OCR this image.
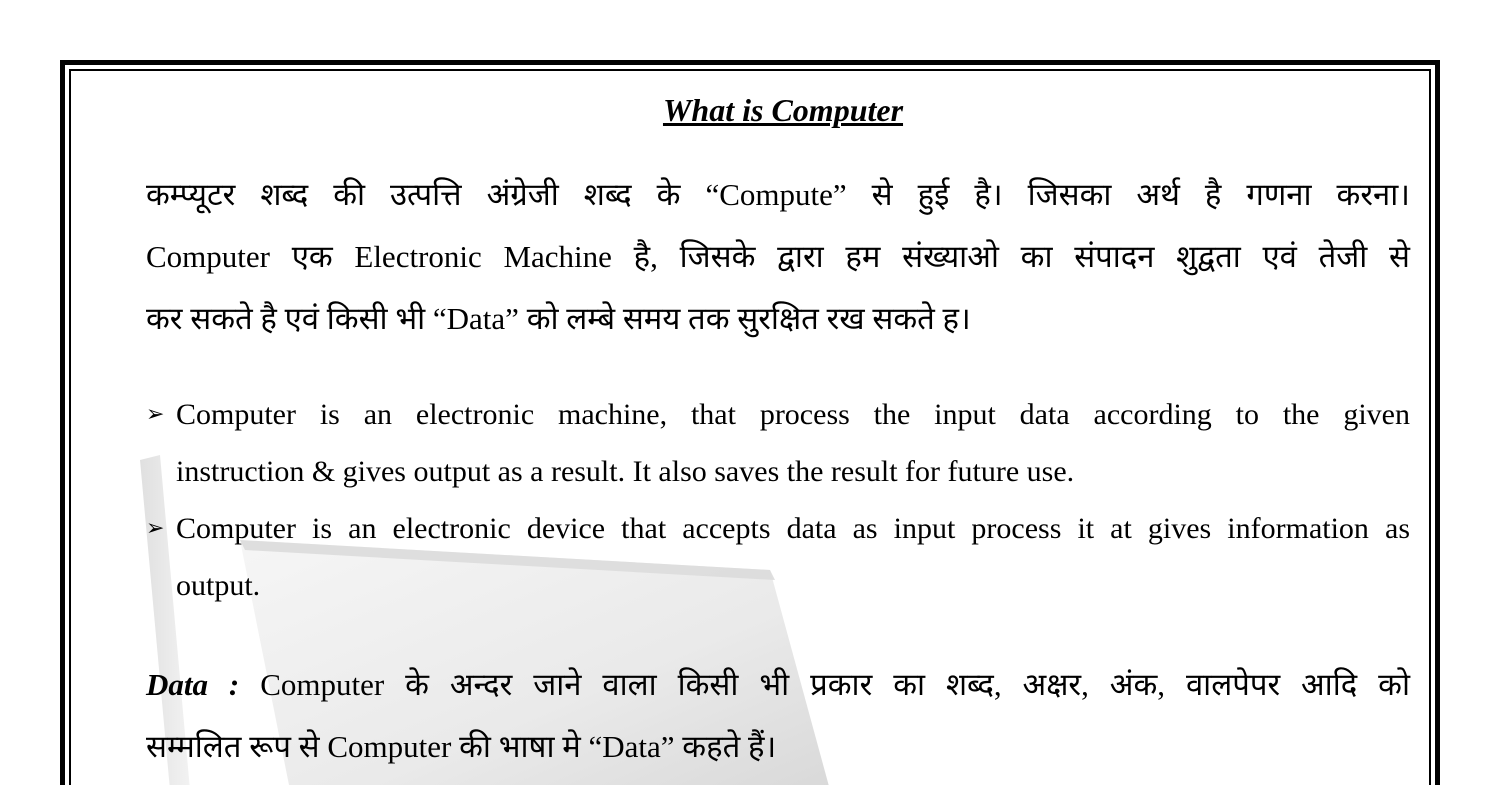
What is Computer
कम्प्यूटर शब्द की उत्पत्ति अंग्रेजी शब्द के “Compute” से हुई है। जिसका अर्थ है गणना करना।
Computer एक Electronic Machine है, जिसके द्वारा हम संख्याओ का संपादन शुद्वता एवं तेजी से
कर सकते है एवं किसी भी “Data” को लम्बे समय तक सुरक्षित रख सकते ह।
➢ Computer is an electronic machine, that process the input data according to the given
instruction & gives output as a result. It also saves the result for future use.
➢ Computer is an electronic device that accepts data as input process it at gives information as
output.
Data : Computer के अन्दर जाने वाला किसी भी प्रकार का शब्द, अक्षर, अंक, वालपेपर आदि को
सम्मलित रूप से Computer की भाषा मे “Data” कहते हैं।
